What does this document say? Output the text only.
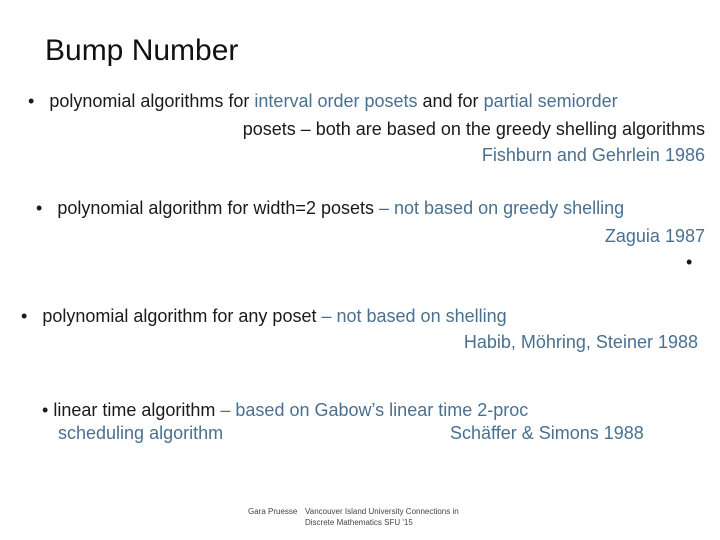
Bump Number
• polynomial algorithms for interval order posets and for partial semiorder
posets – both are based on the greedy shelling algorithms
Fishburn and Gehrlein 1986
• polynomial algorithm for width=2 posets – not based on greedy shelling
Zaguia 1987
•
• polynomial algorithm for any poset – not based on shelling
Habib, Möhring, Steiner 1988
• linear time algorithm – based on Gabow’s linear time 2-proc
scheduling algorithm	Schäffer & Simons 1988
Gara Pruesse Vancouver Island University Connections in
Discrete Mathematics SFU '15
